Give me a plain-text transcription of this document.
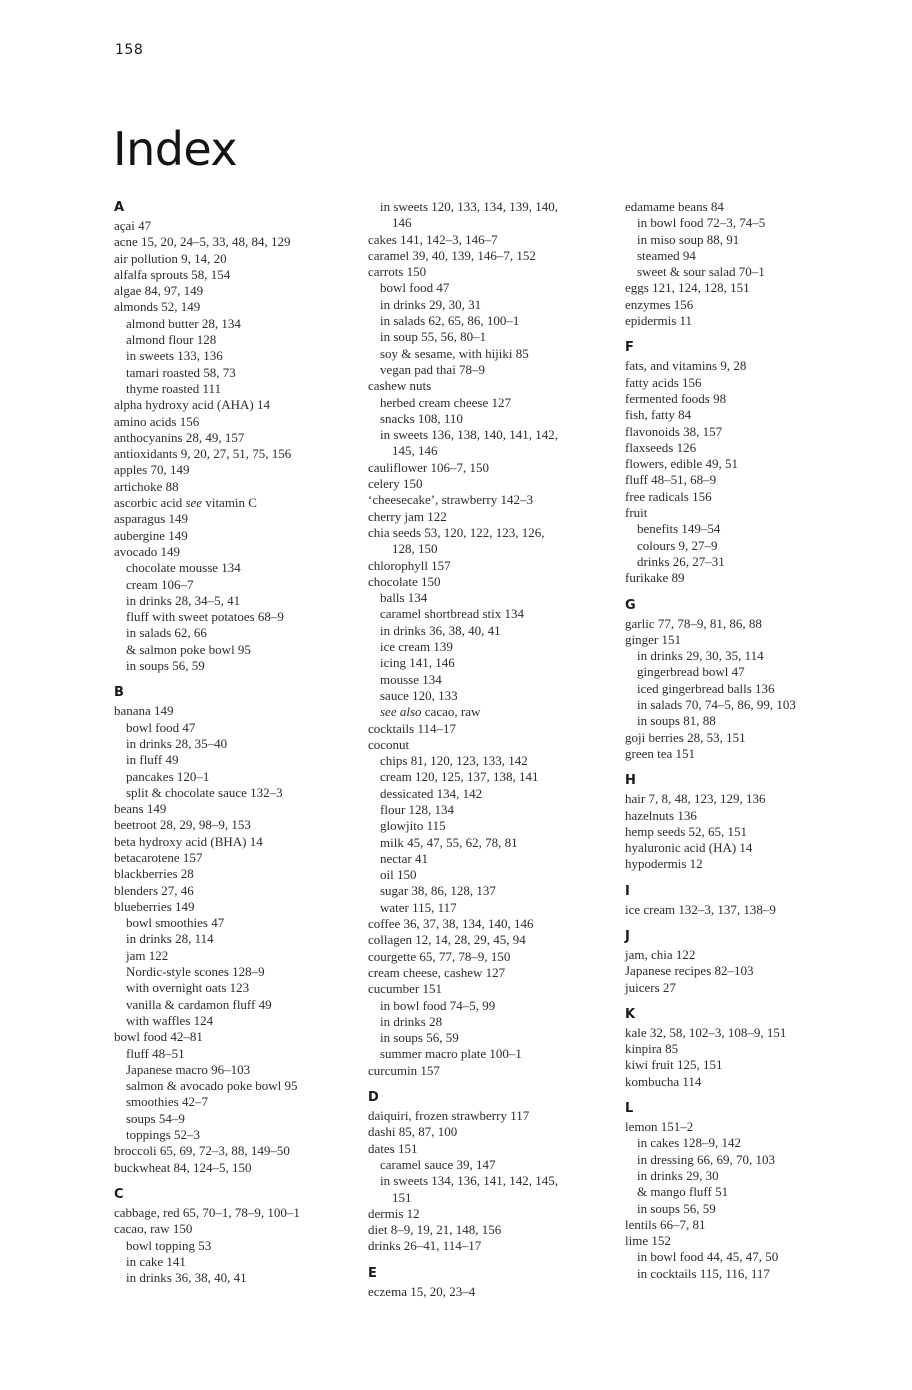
158
Index
A
açai 47
acne 15, 20, 24–5, 33, 48, 84, 129
air pollution 9, 14, 20
alfalfa sprouts 58, 154
algae 84, 97, 149
almonds 52, 149
almond butter 28, 134
almond flour 128
in sweets 133, 136
tamari roasted 58, 73
thyme roasted 111
alpha hydroxy acid (AHA) 14
amino acids 156
anthocyanins 28, 49, 157
antioxidants 9, 20, 27, 51, 75, 156
apples 70, 149
artichoke 88
ascorbic acid see vitamin C
asparagus 149
aubergine 149
avocado 149
chocolate mousse 134
cream 106–7
in drinks 28, 34–5, 41
fluff with sweet potatoes 68–9
in salads 62, 66
& salmon poke bowl 95
in soups 56, 59
B
banana 149
bowl food 47
in drinks 28, 35–40
in fluff 49
pancakes 120–1
split & chocolate sauce 132–3
beans 149
beetroot 28, 29, 98–9, 153
beta hydroxy acid (BHA) 14
betacarotene 157
blackberries 28
blenders 27, 46
blueberries 149
bowl smoothies 47
in drinks 28, 114
jam 122
Nordic-style scones 128–9
with overnight oats 123
vanilla & cardamon fluff 49
with waffles 124
bowl food 42–81
fluff 48–51
Japanese macro 96–103
salmon & avocado poke bowl 95
smoothies 42–7
soups 54–9
toppings 52–3
broccoli 65, 69, 72–3, 88, 149–50
buckwheat 84, 124–5, 150
C
cabbage, red 65, 70–1, 78–9, 100–1
cacao, raw 150
bowl topping 53
in cake 141
in drinks 36, 38, 40, 41
in sweets 120, 133, 134, 139, 140,
146
cakes 141, 142–3, 146–7
caramel 39, 40, 139, 146–7, 152
carrots 150
bowl food 47
in drinks 29, 30, 31
in salads 62, 65, 86, 100–1
in soup 55, 56, 80–1
soy & sesame, with hijiki 85
vegan pad thai 78–9
cashew nuts
herbed cream cheese 127
snacks 108, 110
in sweets 136, 138, 140, 141, 142,
145, 146
cauliflower 106–7, 150
celery 150
‘cheesecake’, strawberry 142–3
cherry jam 122
chia seeds 53, 120, 122, 123, 126,
128, 150
chlorophyll 157
chocolate 150
balls 134
caramel shortbread stix 134
in drinks 36, 38, 40, 41
ice cream 139
icing 141, 146
mousse 134
sauce 120, 133
see also cacao, raw
cocktails 114–17
coconut
chips 81, 120, 123, 133, 142
cream 120, 125, 137, 138, 141
dessicated 134, 142
flour 128, 134
glowjito 115
milk 45, 47, 55, 62, 78, 81
nectar 41
oil 150
sugar 38, 86, 128, 137
water 115, 117
coffee 36, 37, 38, 134, 140, 146
collagen 12, 14, 28, 29, 45, 94
courgette 65, 77, 78–9, 150
cream cheese, cashew 127
cucumber 151
in bowl food 74–5, 99
in drinks 28
in soups 56, 59
summer macro plate 100–1
curcumin 157
D
daiquiri, frozen strawberry 117
dashi 85, 87, 100
dates 151
caramel sauce 39, 147
in sweets 134, 136, 141, 142, 145,
151
dermis 12
diet 8–9, 19, 21, 148, 156
drinks 26–41, 114–17
E
eczema 15, 20, 23–4
edamame beans 84
in bowl food 72–3, 74–5
in miso soup 88, 91
steamed 94
sweet & sour salad 70–1
eggs 121, 124, 128, 151
enzymes 156
epidermis 11
F
fats, and vitamins 9, 28
fatty acids 156
fermented foods 98
fish, fatty 84
flavonoids 38, 157
flaxseeds 126
flowers, edible 49, 51
fluff 48–51, 68–9
free radicals 156
fruit
benefits 149–54
colours 9, 27–9
drinks 26, 27–31
furikake 89
G
garlic 77, 78–9, 81, 86, 88
ginger 151
in drinks 29, 30, 35, 114
gingerbread bowl 47
iced gingerbread balls 136
in salads 70, 74–5, 86, 99, 103
in soups 81, 88
goji berries 28, 53, 151
green tea 151
H
hair 7, 8, 48, 123, 129, 136
hazelnuts 136
hemp seeds 52, 65, 151
hyaluronic acid (HA) 14
hypodermis 12
I
ice cream 132–3, 137, 138–9
J
jam, chia 122
Japanese recipes 82–103
juicers 27
K
kale 32, 58, 102–3, 108–9, 151
kinpira 85
kiwi fruit 125, 151
kombucha 114
L
lemon 151–2
in cakes 128–9, 142
in dressing 66, 69, 70, 103
in drinks 29, 30
& mango fluff 51
in soups 56, 59
lentils 66–7, 81
lime 152
in bowl food 44, 45, 47, 50
in cocktails 115, 116, 117
